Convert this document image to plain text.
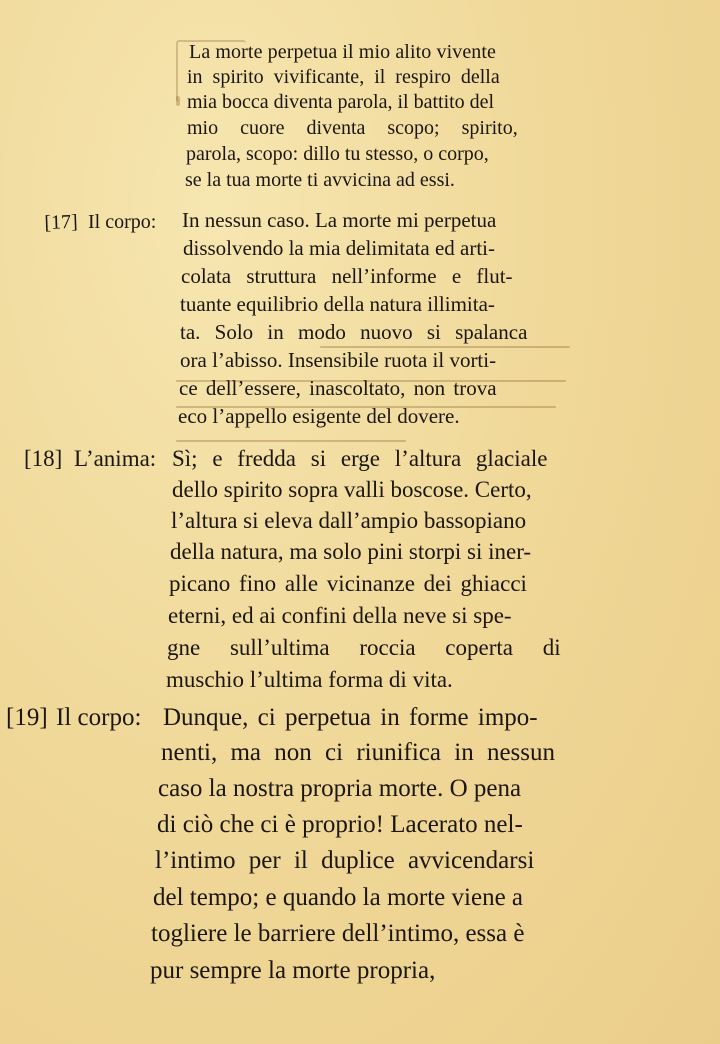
La morte perpetua il mio alito vivente
in spirito vivificante, il respiro della
mia bocca diventa parola, il battito del
mio cuore diventa scopo; spirito,
parola, scopo: dillo tu stesso, o corpo,
se la tua morte ti avvicina ad essi.
[17] Il corpo: In nessun caso. La morte mi perpetua
dissolvendo la mia delimitata ed arti-
colata struttura nell’informe e flut-
tuante equilibrio della natura illimita-
ta. Solo in modo nuovo si spalanca
ora l’abisso. Insensibile ruota il vorti-
ce dell’essere, inascoltato, non trova
eco l’appello esigente del dovere.
[18] L’anima: Sì; e fredda si erge l’altura glaciale
dello spirito sopra valli boscose. Certo,
l’altura si eleva dall’ampio bassopiano
della natura, ma solo pini storpi si iner-
picano fino alle vicinanze dei ghiacci
eterni, ed ai confini della neve si spe-
gne sull’ultima roccia coperta di
muschio l’ultima forma di vita.
[19] Il corpo: Dunque, ci perpetua in forme impo-
nenti, ma non ci riunifica in nessun
caso la nostra propria morte. O pena
di ciò che ci è proprio! Lacerato nel-
l’intimo per il duplice avvicendarsi
del tempo; e quando la morte viene a
togliere le barriere dell’intimo, essa è
pur sempre la morte propria,
